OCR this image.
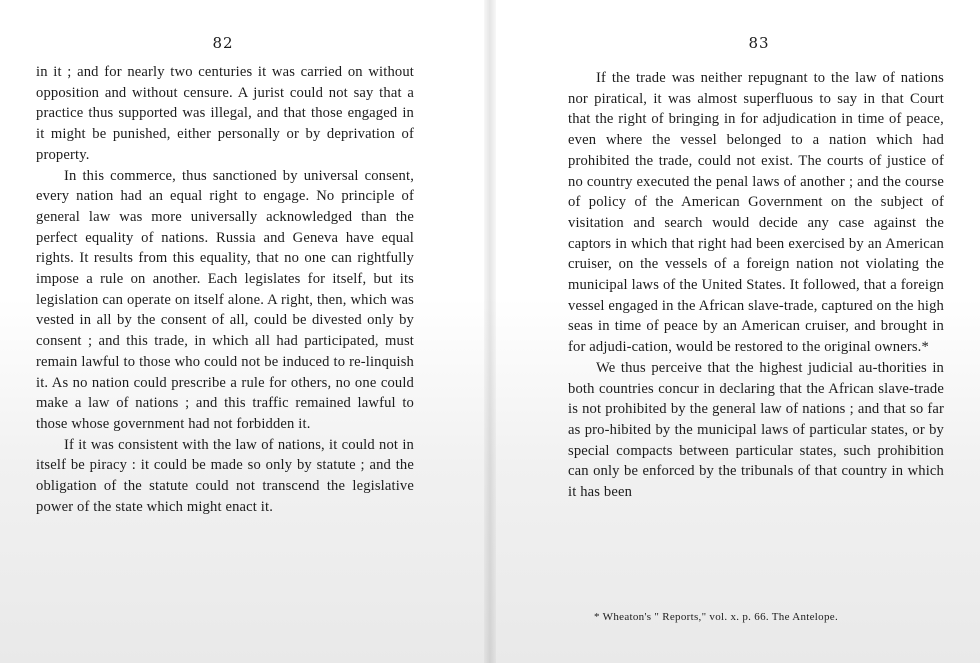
82

in it ; and for nearly two centuries it was carried on without opposition and without censure. A jurist could not say that a practice thus supported was illegal, and that those engaged in it might be punished, either personally or by deprivation of property.

In this commerce, thus sanctioned by universal consent, every nation had an equal right to engage. No principle of general law was more universally acknowledged than the perfect equality of nations. Russia and Geneva have equal rights. It results from this equality, that no one can rightfully impose a rule on another. Each legislates for itself, but its legislation can operate on itself alone. A right, then, which was vested in all by the consent of all, could be divested only by consent ; and this trade, in which all had participated, must remain lawful to those who could not be induced to re-linquish it. As no nation could prescribe a rule for others, no one could make a law of nations ; and this traffic remained lawful to those whose government had not forbidden it.

If it was consistent with the law of nations, it could not in itself be piracy : it could be made so only by statute ; and the obligation of the statute could not transcend the legislative power of the state which might enact it.

83

If the trade was neither repugnant to the law of nations nor piratical, it was almost superfluous to say in that Court that the right of bringing in for adjudication in time of peace, even where the vessel belonged to a nation which had prohibited the trade, could not exist. The courts of justice of no country executed the penal laws of another ; and the course of policy of the American Government on the subject of visitation and search would decide any case against the captors in which that right had been exercised by an American cruiser, on the vessels of a foreign nation not violating the municipal laws of the United States. It followed, that a foreign vessel engaged in the African slave-trade, captured on the high seas in time of peace by an American cruiser, and brought in for adjudi-cation, would be restored to the original owners.*

We thus perceive that the highest judicial au-thorities in both countries concur in declaring that the African slave-trade is not prohibited by the general law of nations ; and that so far as pro-hibited by the municipal laws of particular states, or by special compacts between particular states, such prohibition can only be enforced by the tribunals of that country in which it has been

* Wheaton's " Reports," vol. x. p. 66. The Antelope.
